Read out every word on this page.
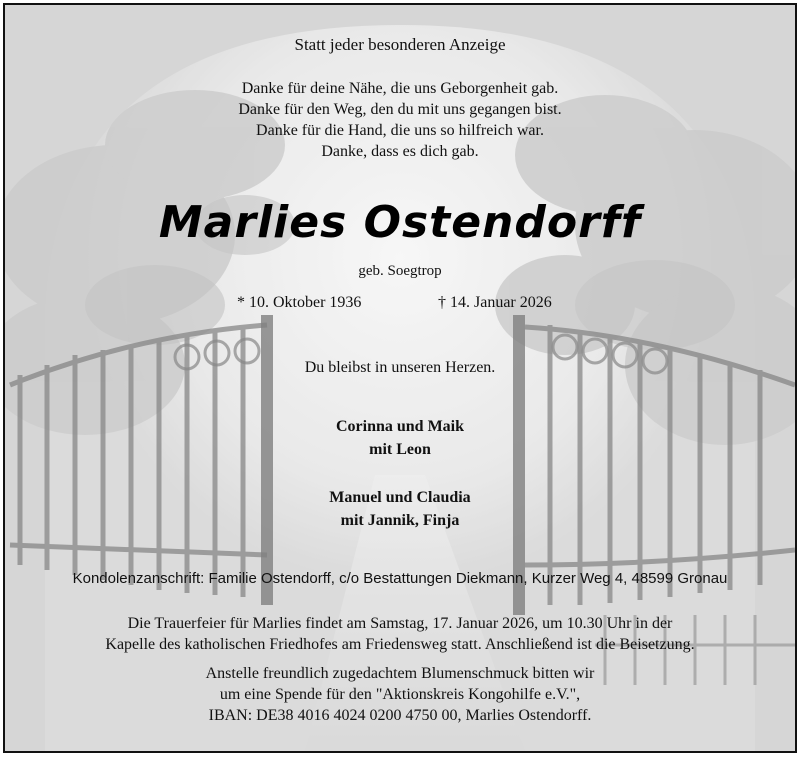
Statt jeder besonderen Anzeige

Danke für deine Nähe, die uns Geborgenheit gab.
Danke für den Weg, den du mit uns gegangen bist.
Danke für die Hand, die uns so hilfreich war.
Danke, dass es dich gab.

Marlies Ostendorff

geb. Soegtrop

* 10. Oktober 1936	† 14. Januar 2026

Du bleibst in unseren Herzen.

Corinna und Maik
mit Leon
Manuel und Claudia
mit Jannik, Finja

Kondolenzanschrift: Familie Ostendorff, c/o Bestattungen Diekmann, Kurzer Weg 4, 48599 Gronau

Die Trauerfeier für Marlies findet am Samstag, 17. Januar 2026, um 10.30 Uhr in der
Kapelle des katholischen Friedhofes am Friedensweg statt. Anschließend ist die Beisetzung.
Anstelle freundlich zugedachtem Blumenschmuck bitten wir
um eine Spende für den "Aktionskreis Kongohilfe e.V.",
IBAN: DE38 4016 4024 0200 4750 00, Marlies Ostendorff.
